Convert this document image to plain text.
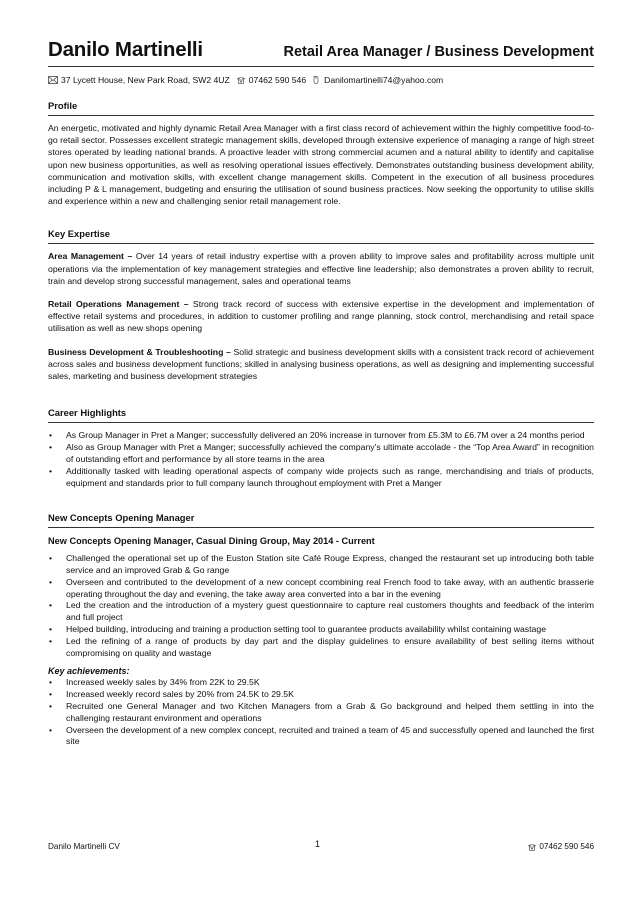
Danilo Martinelli	Retail Area Manager / Business Development
37 Lycett House, New Park Road, SW2 4UZ 07462 590 546 Danilomartinelli74@yahoo.com
Profile

An energetic, motivated and highly dynamic Retail Area Manager with a first class record of achievement within the highly competitive food-to-go retail sector. Possesses excellent strategic management skills, developed through extensive experience of managing a range of high street stores operated by leading national brands. A proactive leader with strong commercial acumen and a natural ability to identify and capitalise upon new business opportunities, as well as resolving operational issues effectively. Demonstrates outstanding business development ability, communication and motivation skills, with excellent change management skills. Competent in the execution of all business procedures including P & L management, budgeting and ensuring the utilisation of sound business practices. Now seeking the opportunity to utilise skills and experience within a new and challenging senior retail management role.

Key Expertise

Area Management – Over 14 years of retail industry expertise with a proven ability to improve sales and profitability across multiple unit operations via the implementation of key management strategies and effective line leadership; also demonstrates a proven ability to recruit, train and develop strong successful management, sales and operational teams

Retail Operations Management – Strong track record of success with extensive expertise in the development and implementation of effective retail systems and procedures, in addition to customer profiling and range planning, stock control, merchandising and retail space utilisation as well as new shops opening

Business Development & Troubleshooting – Solid strategic and business development skills with a consistent track record of achievement across sales and business development functions; skilled in analysing business operations, as well as designing and implementing successful sales, marketing and business development strategies

Career Highlights
• As Group Manager in Pret a Manger; successfully delivered an 20% increase in turnover from £5.3M to £6.7M over a 24 months period
• Also as Group Manager with Pret a Manger; successfully achieved the company’s ultimate accolade - the “Top Area Award” in recognition of outstanding effort and performance by all store teams in the area
• Additionally tasked with leading operational aspects of company wide projects such as range, merchandising and trials of products, equipment and standards prior to full company launch throughout employment with Pret a Manger
New Concepts Opening Manager
New Concepts Opening Manager, Casual Dining Group, May 2014 - Current
• Challenged the operational set up of the Euston Station site Café Rouge Express, changed the restaurant set up introducing both table service and an improved Grab & Go range
• Overseen and contributed to the development of a new concept ccombining real French food to take away, with an authentic brasserie operating throughout the day and evening, the take away area converted into a bar in the evening
• Led the creation and the introduction of a mystery guest questionnaire to capture real customers thoughts and feedback of the interim and full project
• Helped building, introducing and training a production setting tool to guarantee products availability whilst containing wastage
• Led the refining of a range of products by day part and the display guidelines to ensure availability of best selling items without compromising on quality and wastage
Key achievements:
• Increased weekly sales by 34% from 22K to 29.5K
• Increased weekly record sales by 20% from 24.5K to 29.5K
• Recruited one General Manager and two Kitchen Managers from a Grab & Go background and helped them settling in into the challenging restaurant environment and operations
• Overseen the development of a new complex concept, recruited and trained a team of 45 and successfully opened and launched the first site
Danilo Martinelli CV	1	07462 590 546
